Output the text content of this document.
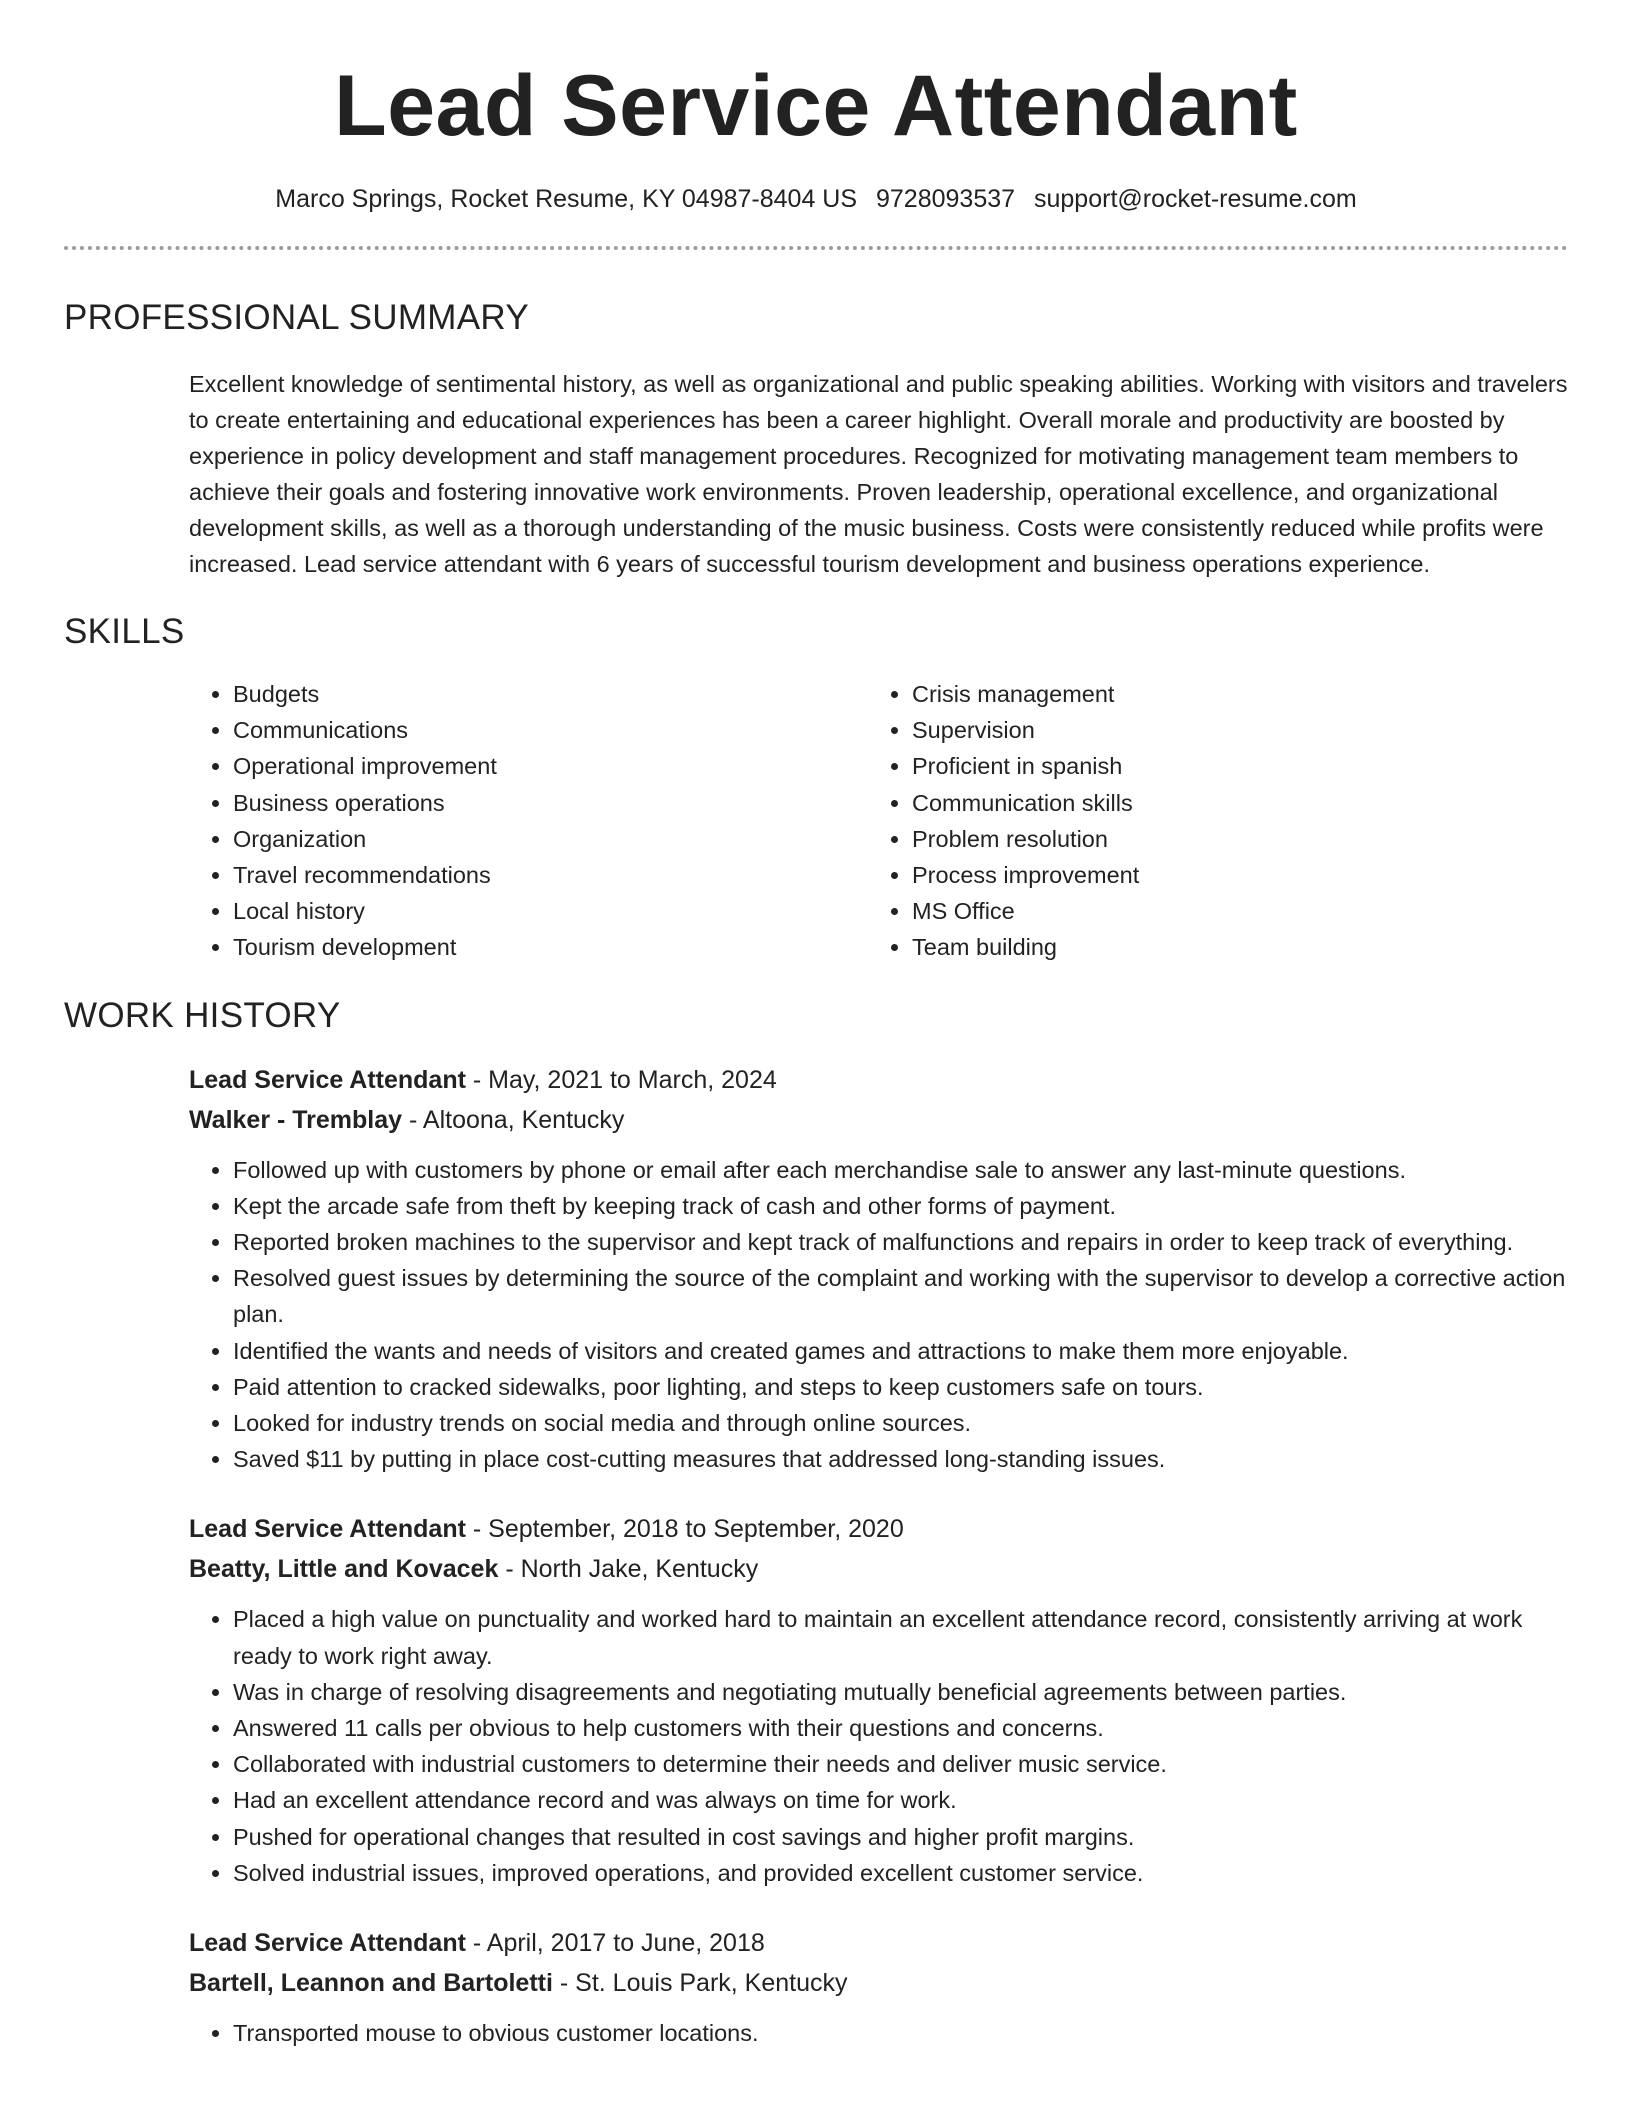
Lead Service Attendant
Marco Springs, Rocket Resume, KY 04987-8404 US 9728093537 support@rocket-resume.com
PROFESSIONAL SUMMARY

Excellent knowledge of sentimental history, as well as organizational and public speaking abilities. Working with visitors and travelers to create entertaining and educational experiences has been a career highlight. Overall morale and productivity are boosted by experience in policy development and staff management procedures. Recognized for motivating management team members to achieve their goals and fostering innovative work environments. Proven leadership, operational excellence, and organizational development skills, as well as a thorough understanding of the music business. Costs were consistently reduced while profits were increased. Lead service attendant with 6 years of successful tourism development and business operations experience.

SKILLS
• Budgets
• Communications
• Operational improvement
• Business operations
• Organization
• Travel recommendations
• Local history
• Tourism development
• Crisis management
• Supervision
• Proficient in spanish
• Communication skills
• Problem resolution
• Process improvement
• MS Office
• Team building
WORK HISTORY
Lead Service Attendant - May, 2021 to March, 2024
Walker - Tremblay - Altoona, Kentucky
• Followed up with customers by phone or email after each merchandise sale to answer any last-minute questions.
• Kept the arcade safe from theft by keeping track of cash and other forms of payment.
• Reported broken machines to the supervisor and kept track of malfunctions and repairs in order to keep track of everything.
• Resolved guest issues by determining the source of the complaint and working with the supervisor to develop a corrective action plan.
• Identified the wants and needs of visitors and created games and attractions to make them more enjoyable.
• Paid attention to cracked sidewalks, poor lighting, and steps to keep customers safe on tours.
• Looked for industry trends on social media and through online sources.
• Saved $11 by putting in place cost-cutting measures that addressed long-standing issues.
Lead Service Attendant - September, 2018 to September, 2020
Beatty, Little and Kovacek - North Jake, Kentucky
• Placed a high value on punctuality and worked hard to maintain an excellent attendance record, consistently arriving at work ready to work right away.
• Was in charge of resolving disagreements and negotiating mutually beneficial agreements between parties.
• Answered 11 calls per obvious to help customers with their questions and concerns.
• Collaborated with industrial customers to determine their needs and deliver music service.
• Had an excellent attendance record and was always on time for work.
• Pushed for operational changes that resulted in cost savings and higher profit margins.
• Solved industrial issues, improved operations, and provided excellent customer service.
Lead Service Attendant - April, 2017 to June, 2018
Bartell, Leannon and Bartoletti - St. Louis Park, Kentucky
• Transported mouse to obvious customer locations.
